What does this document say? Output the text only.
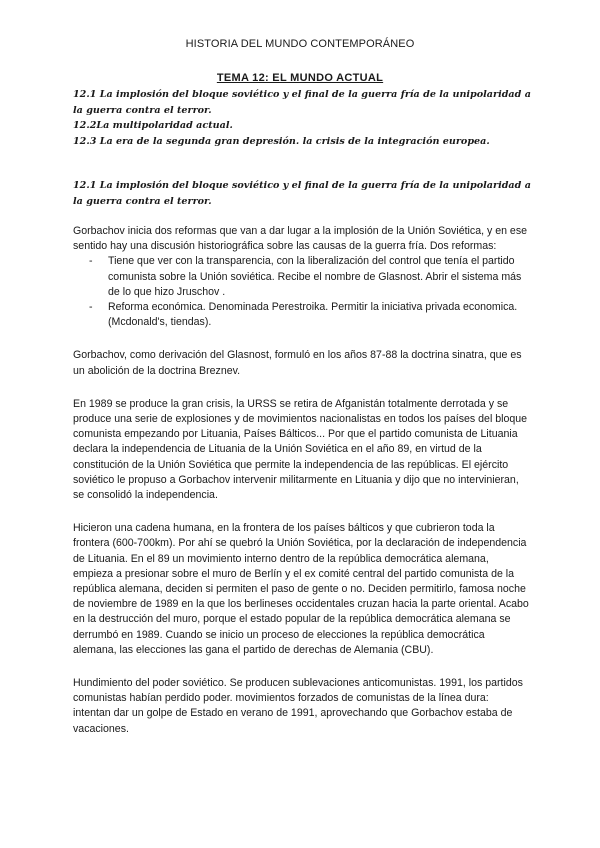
HISTORIA DEL MUNDO CONTEMPORÁNEO
TEMA 12: EL MUNDO ACTUAL
12.1 La implosión del bloque soviético y el final de la guerra fría de la unipolaridad a la guerra contra el terror.
12.2La multipolaridad actual.
12.3 La era de la segunda gran depresión. la crisis de la integración europea.
12.1 La implosión del bloque soviético y el final de la guerra fría de la unipolaridad a la guerra contra el terror.

Gorbachov inicia dos reformas que van a dar lugar a la implosión de la Unión Soviética, y en ese sentido hay una discusión historiográfica sobre las causas de la guerra fría. Dos reformas:

- Tiene que ver con la transparencia, con la liberalización del control que tenía el partido comunista sobre la Unión soviética. Recibe el nombre de Glasnost. Abrir el sistema más de lo que hizo Jruschov .
- Reforma económica. Denominada Perestroika. Permitir la iniciativa privada economica. (Mcdonald's, tiendas).

Gorbachov, como derivación del Glasnost, formuló en los años 87-88 la doctrina sinatra, que es un abolición de la doctrina Breznev.

En 1989 se produce la gran crisis, la URSS se retira de Afganistán totalmente derrotada y se produce una serie de explosiones y de movimientos nacionalistas en todos los países del bloque comunista empezando por Lituania, Países Bálticos... Por que el partido comunista de Lituania declara la independencia de Lituania de la Unión Soviética en el año 89, en virtud de la constitución de la Unión Soviética que permite la independencia de las repúblicas. El ejército soviético le propuso a Gorbachov intervenir militarmente en Lituania y dijo que no intervinieran, se consolidó la independencia.

Hicieron una cadena humana, en la frontera de los países bálticos y que cubrieron toda la frontera (600-700km). Por ahí se quebró la Unión Soviética, por la declaración de independencia de Lituania. En el 89 un movimiento interno dentro de la república democrática alemana, empieza a presionar sobre el muro de Berlín y el ex comité central del partido comunista de la república alemana, deciden si permiten el paso de gente o no. Deciden permitirlo, famosa noche de noviembre de 1989 en la que los berlineses occidentales cruzan hacia la parte oriental. Acabo en la destrucción del muro, porque el estado popular de la república democrática alemana se derrumbó en 1989. Cuando se inicio un proceso de elecciones la república democrática alemana, las elecciones las gana el partido de derechas de Alemania (CBU).

Hundimiento del poder soviético. Se producen sublevaciones anticomunistas. 1991, los partidos comunistas habían perdido poder. movimientos forzados de comunistas de la línea dura: intentan dar un golpe de Estado en verano de 1991, aprovechando que Gorbachov estaba de vacaciones.
